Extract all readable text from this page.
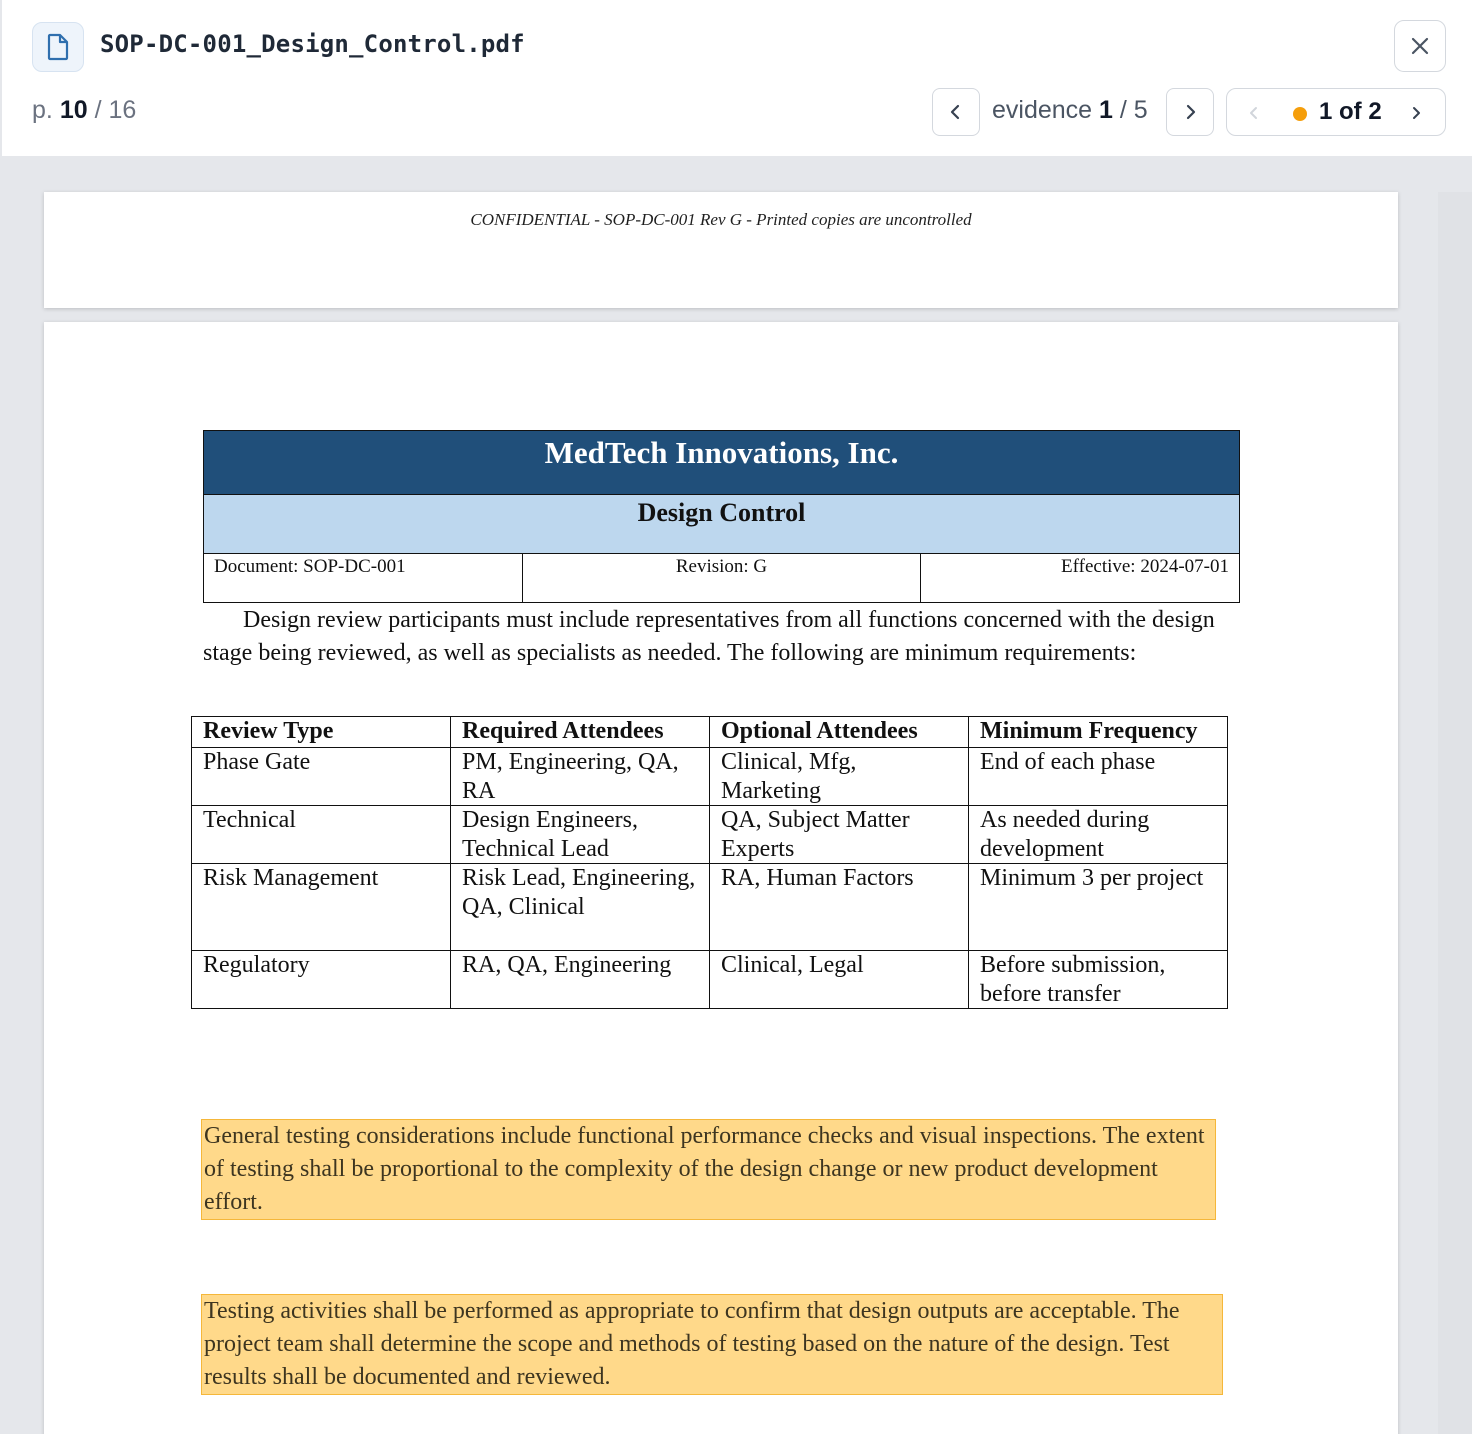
SOP-DC-001_Design_Control.pdf
p. 10 / 16	evidence 1 / 5	1 of 2
CONFIDENTIAL - SOP-DC-001 Rev G - Printed copies are uncontrolled
MedTech Innovations, Inc.
Design Control
Document: SOP-DC-001	Revision: G	Effective: 2024-07-01

Design review participants must include representatives from all functions concerned with the design stage being reviewed, as well as specialists as needed. The following are minimum requirements:

Review Type	Required Attendees	Optional Attendees	Minimum Frequency
Phase Gate	PM, Engineering, QA, RA	Clinical, Mfg, Marketing	End of each phase
Technical	Design Engineers, Technical Lead	QA, Subject Matter Experts	As needed during development
Risk Management	Risk Lead, Engineering, QA, Clinical	RA, Human Factors	Minimum 3 per project
Regulatory	RA, QA, Engineering	Clinical, Legal	Before submission, before transfer
General testing considerations include functional performance checks and visual inspections. The extent of testing shall be proportional to the complexity of the design change or new product development effort.
Testing activities shall be performed as appropriate to confirm that design outputs are acceptable. The project team shall determine the scope and methods of testing based on the nature of the design. Test results shall be documented and reviewed.
